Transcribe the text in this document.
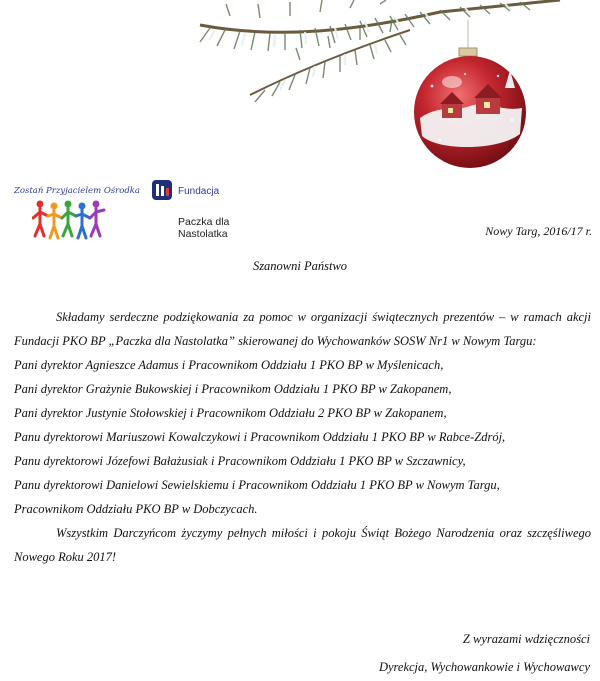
Zostań Przyjacielem Ośrodka	Fundacja
Paczka dla Nastolatka	Nowy Targ, 2016/17 r.
Szanowni Państwo

Składamy serdeczne podziękowania za pomoc w organizacji świątecznych prezentów – w ramach akcji Fundacji PKO BP „Paczka dla Nastolatka” skierowanej do Wychowanków SOSW Nr1 w Nowym Targu:

Pani dyrektor Agnieszce Adamus i Pracownikom Oddziału 1 PKO BP w Myślenicach,
Pani dyrektor Grażynie Bukowskiej i Pracownikom Oddziału 1 PKO BP w Zakopanem,
Pani dyrektor Justynie Stołowskiej i Pracownikom Oddziału 2 PKO BP w Zakopanem,
Panu dyrektorowi Mariuszowi Kowalczykowi i Pracownikom Oddziału 1 PKO BP w Rabce-Zdrój,
Panu dyrektorowi Józefowi Bałażusiak i Pracownikom Oddziału 1 PKO BP w Szczawnicy,
Panu dyrektorowi Danielowi Sewielskiemu i Pracownikom Oddziału 1 PKO BP w Nowym Targu,
Pracownikom Oddziału PKO BP w Dobczycach.

Wszystkim Darczyńcom życzymy pełnych miłości i pokoju Świąt Bożego Narodzenia oraz szczęśliwego Nowego Roku 2017!

Z wyrazami wdzięczności
Dyrekcja, Wychowankowie i Wychowawcy
